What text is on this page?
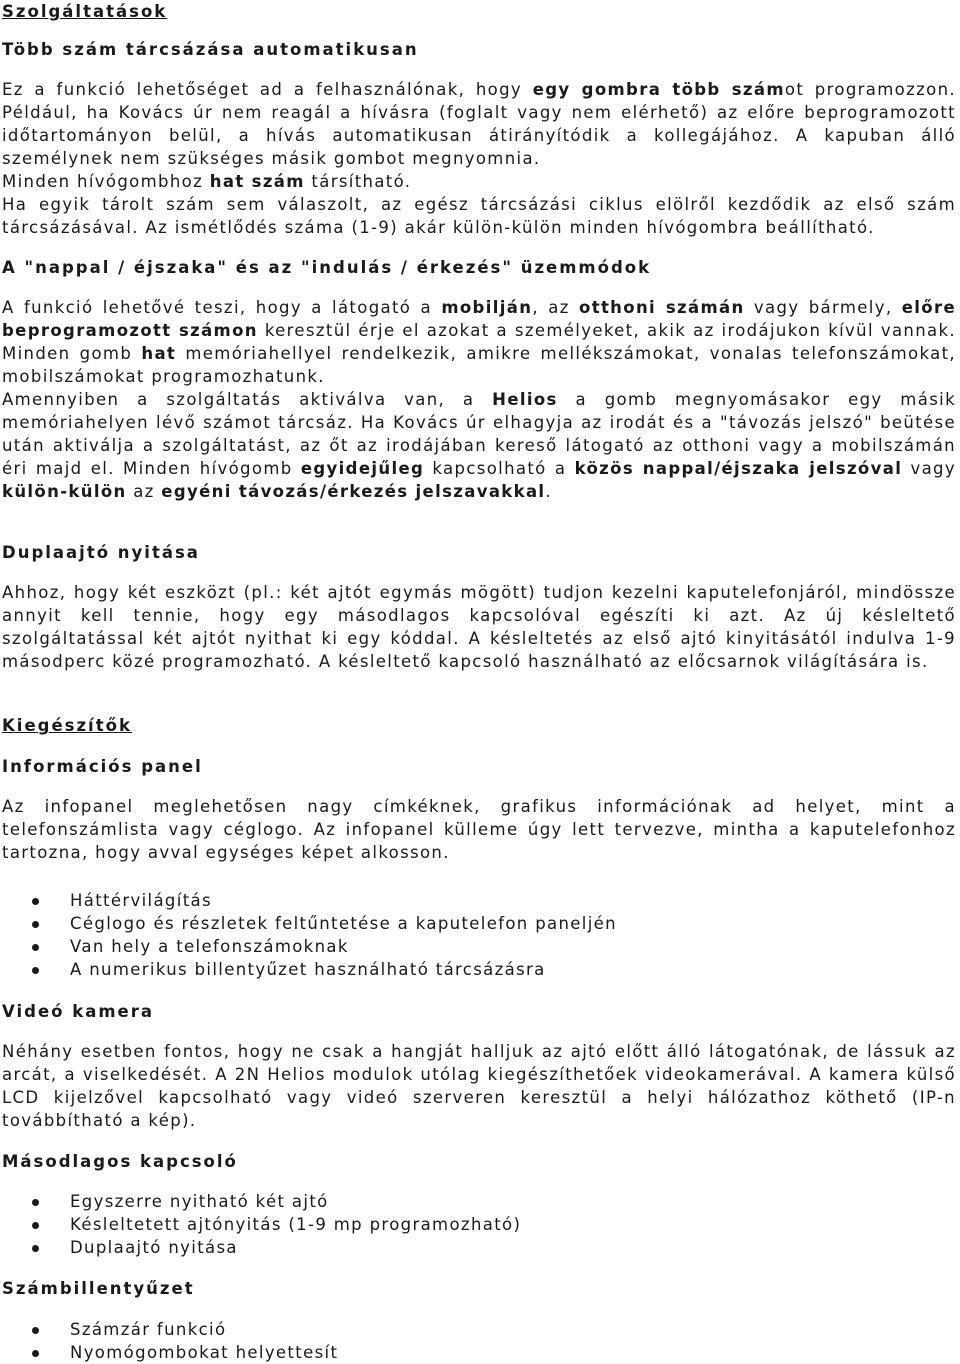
Szolgáltatások
Több szám tárcsázása automatikusan

Ez a funkció lehetőséget ad a felhasználónak, hogy egy gombra több számot programozzon. Például, ha Kovács úr nem reagál a hívásra (foglalt vagy nem elérhető) az előre beprogramozott időtartományon belül, a hívás automatikusan átirányítódik a kollegájához. A kapuban álló személynek nem szükséges másik gombot megnyomnia.

Minden hívógombhoz hat szám társítható.

Ha egyik tárolt szám sem válaszolt, az egész tárcsázási ciklus elölről kezdődik az első szám tárcsázásával. Az ismétlődés száma (1-9) akár külön-külön minden hívógombra beállítható.

A "nappal / éjszaka" és az "indulás / érkezés" üzemmódok

A funkció lehetővé teszi, hogy a látogató a mobilján, az otthoni számán vagy bármely, előre beprogramozott számon keresztül érje el azokat a személyeket, akik az irodájukon kívül vannak. Minden gomb hat memóriahellyel rendelkezik, amikre mellékszámokat, vonalas telefonszámokat, mobilszámokat programozhatunk.

Amennyiben a szolgáltatás aktiválva van, a Helios a gomb megnyomásakor egy másik memóriahelyen lévő számot tárcsáz. Ha Kovács úr elhagyja az irodát és a "távozás jelszó" beütése után aktiválja a szolgáltatást, az őt az irodájában kereső látogató az otthoni vagy a mobilszámán éri majd el. Minden hívógomb egyidejűleg kapcsolható a közös nappal/éjszaka jelszóval vagy külön-külön az egyéni távozás/érkezés jelszavakkal.

Duplaajtó nyitása

Ahhoz, hogy két eszközt (pl.: két ajtót egymás mögött) tudjon kezelni kaputelefonjáról, mindössze annyit kell tennie, hogy egy másodlagos kapcsolóval egészíti ki azt. Az új késleltető szolgáltatással két ajtót nyithat ki egy kóddal. A késleltetés az első ajtó kinyitásától indulva 1-9 másodperc közé programozható. A késleltető kapcsoló használható az előcsarnok világítására is.

Kiegészítők
Információs panel

Az infopanel meglehetősen nagy címkéknek, grafikus információnak ad helyet, mint a telefonszámlista vagy céglogo. Az infopanel külleme úgy lett tervezve, mintha a kaputelefonhoz tartozna, hogy avval egységes képet alkosson.

Háttérvilágítás
Céglogo és részletek feltűntetése a kaputelefon paneljén
Van hely a telefonszámoknak
A numerikus billentyűzet használható tárcsázásra
Videó kamera

Néhány esetben fontos, hogy ne csak a hangját halljuk az ajtó előtt álló látogatónak, de lássuk az arcát, a viselkedését. A 2N Helios modulok utólag kiegészíthetőek videokamerával. A kamera külső LCD kijelzővel kapcsolható vagy videó szerveren keresztül a helyi hálózathoz köthető (IP-n továbbítható a kép).

Másodlagos kapcsoló
Egyszerre nyitható két ajtó
Késleltetett ajtónyitás (1-9 mp programozható)
Duplaajtó nyitása
Számbillentyűzet
Számzár funkció
Nyomógombokat helyettesít
